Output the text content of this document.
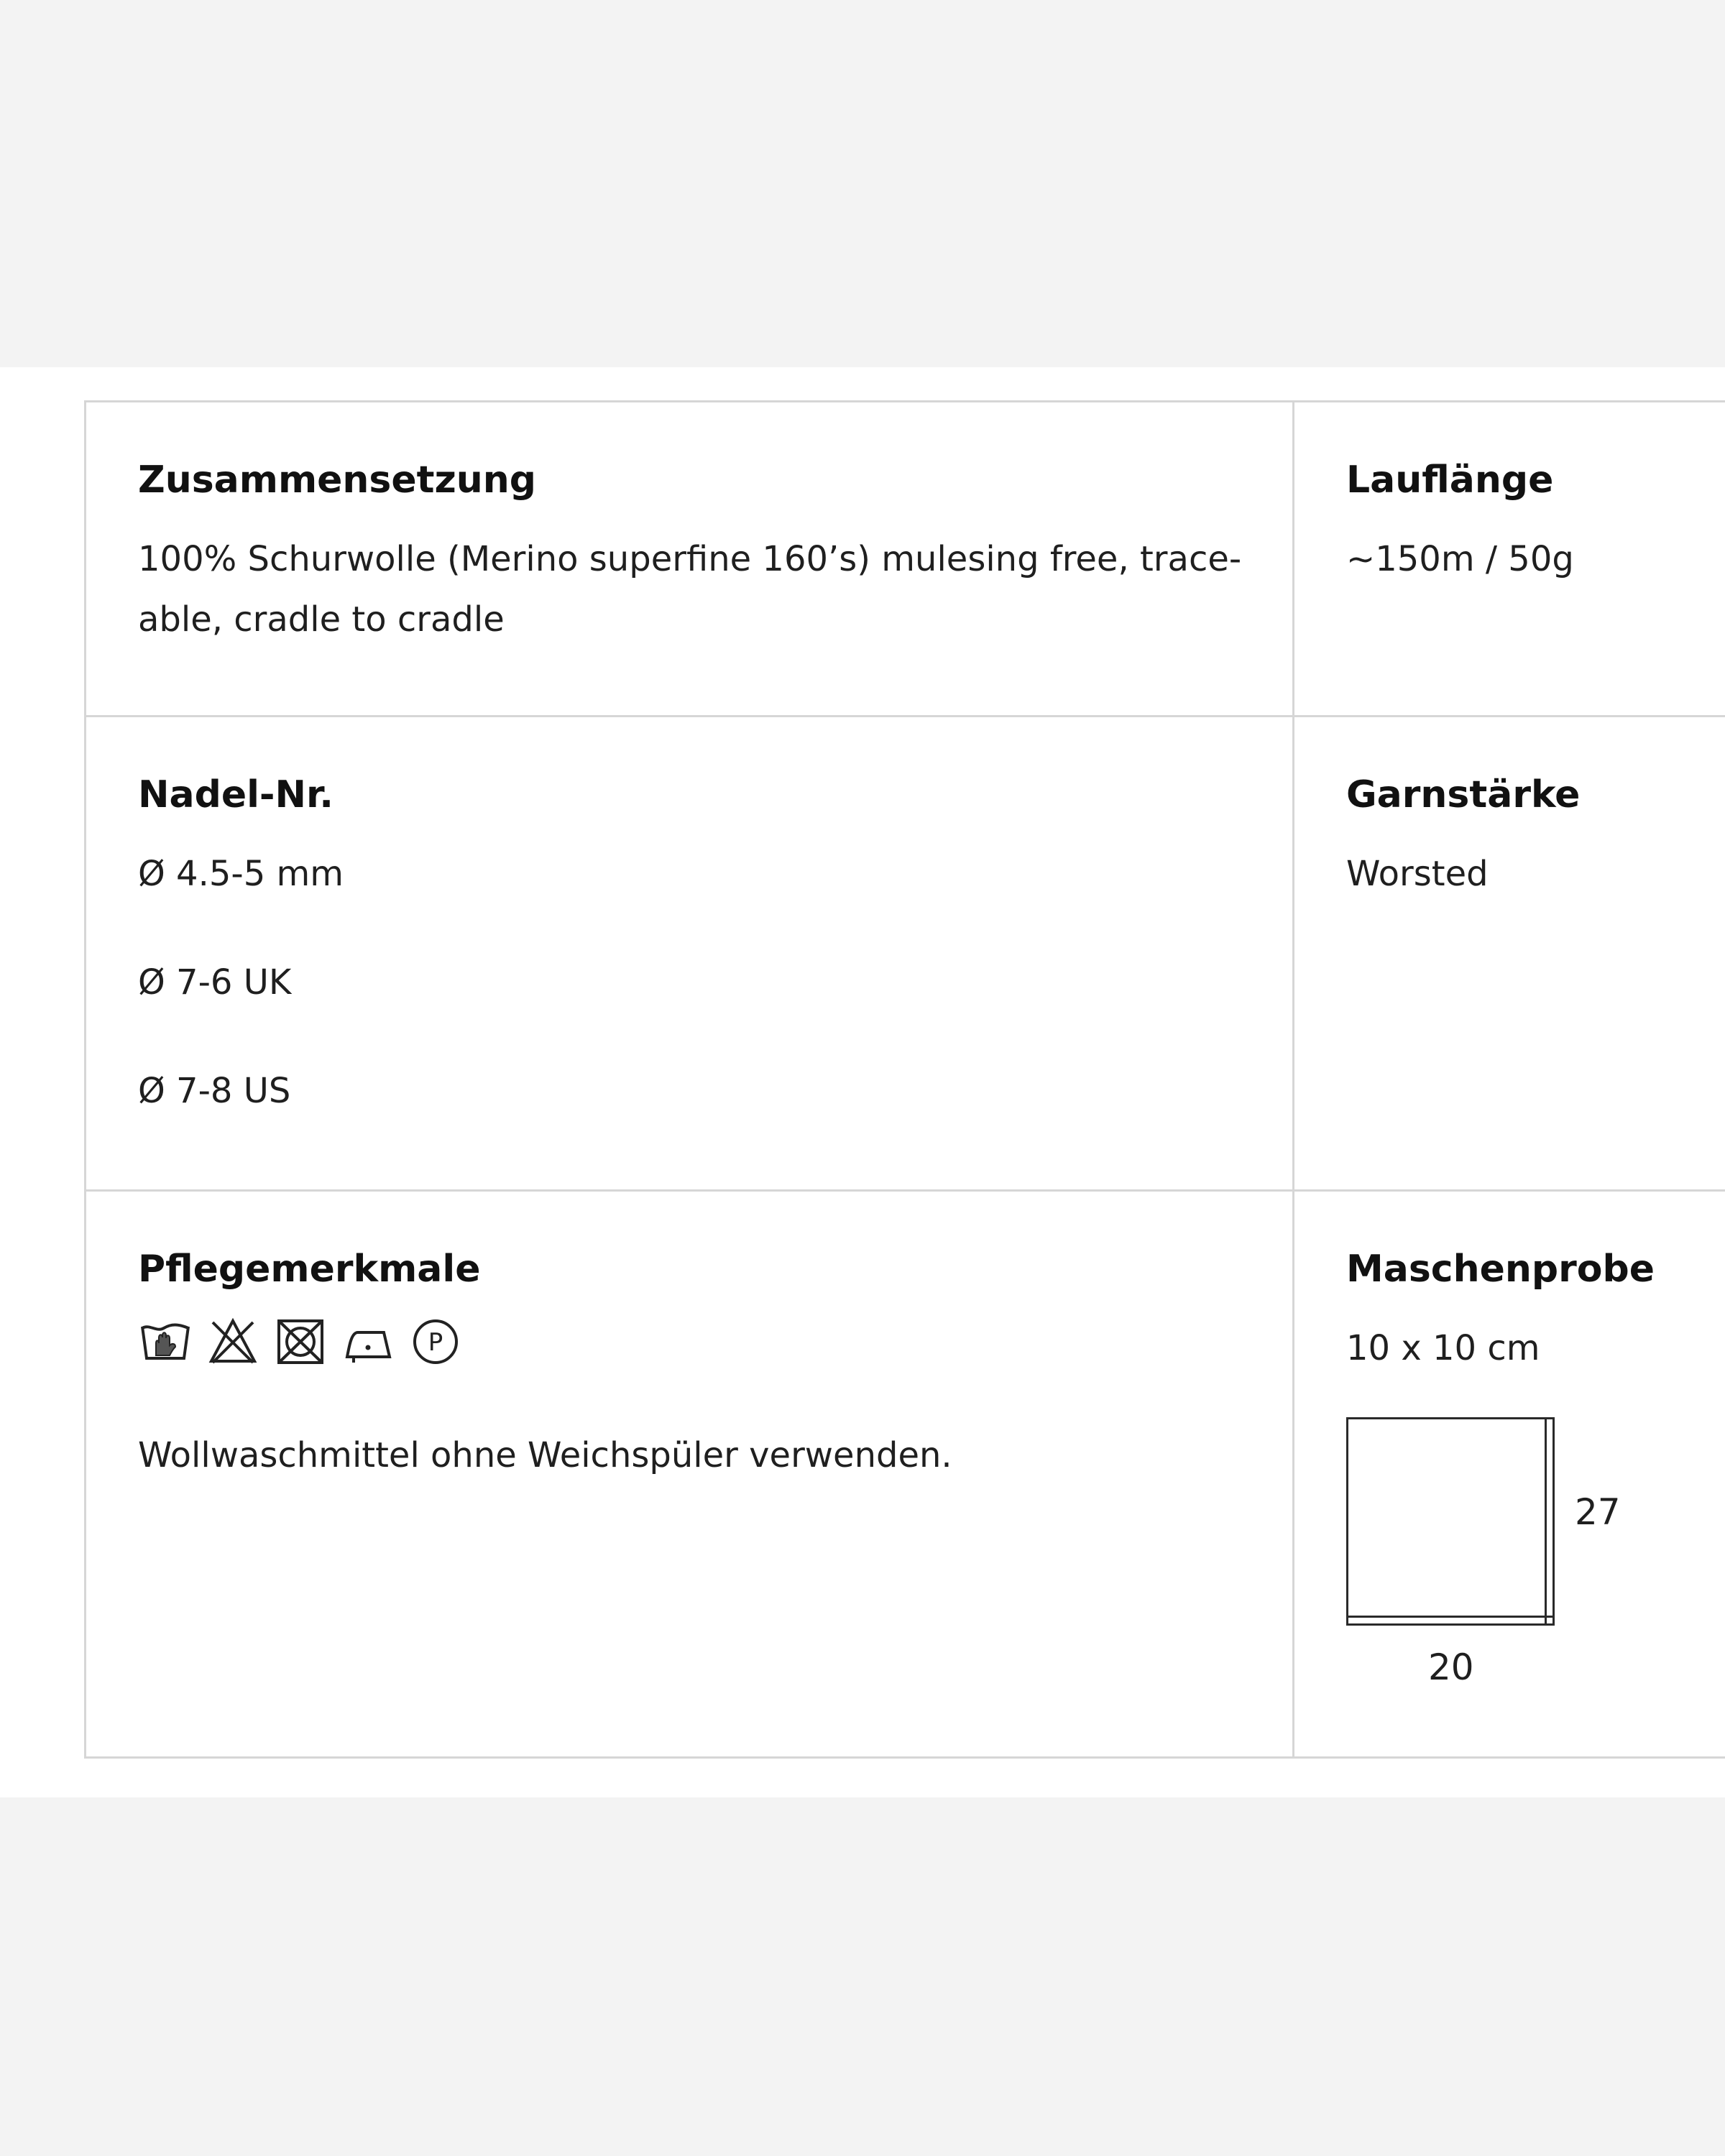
Zusammensetzung

100% Schurwolle (Merino superfine 160’s) mulesing free, trace-
able, cradle to cradle

Lauflänge

~150m / 50g

Nadel-Nr.
Ø 4.5-5 mm
Ø 7-6 UK
Ø 7-8 US
Garnstärke

Worsted

Pflegemerkmale
P
Wollwaschmittel ohne Weichspüler verwenden.
Maschenprobe

10 x 10 cm

27
20
